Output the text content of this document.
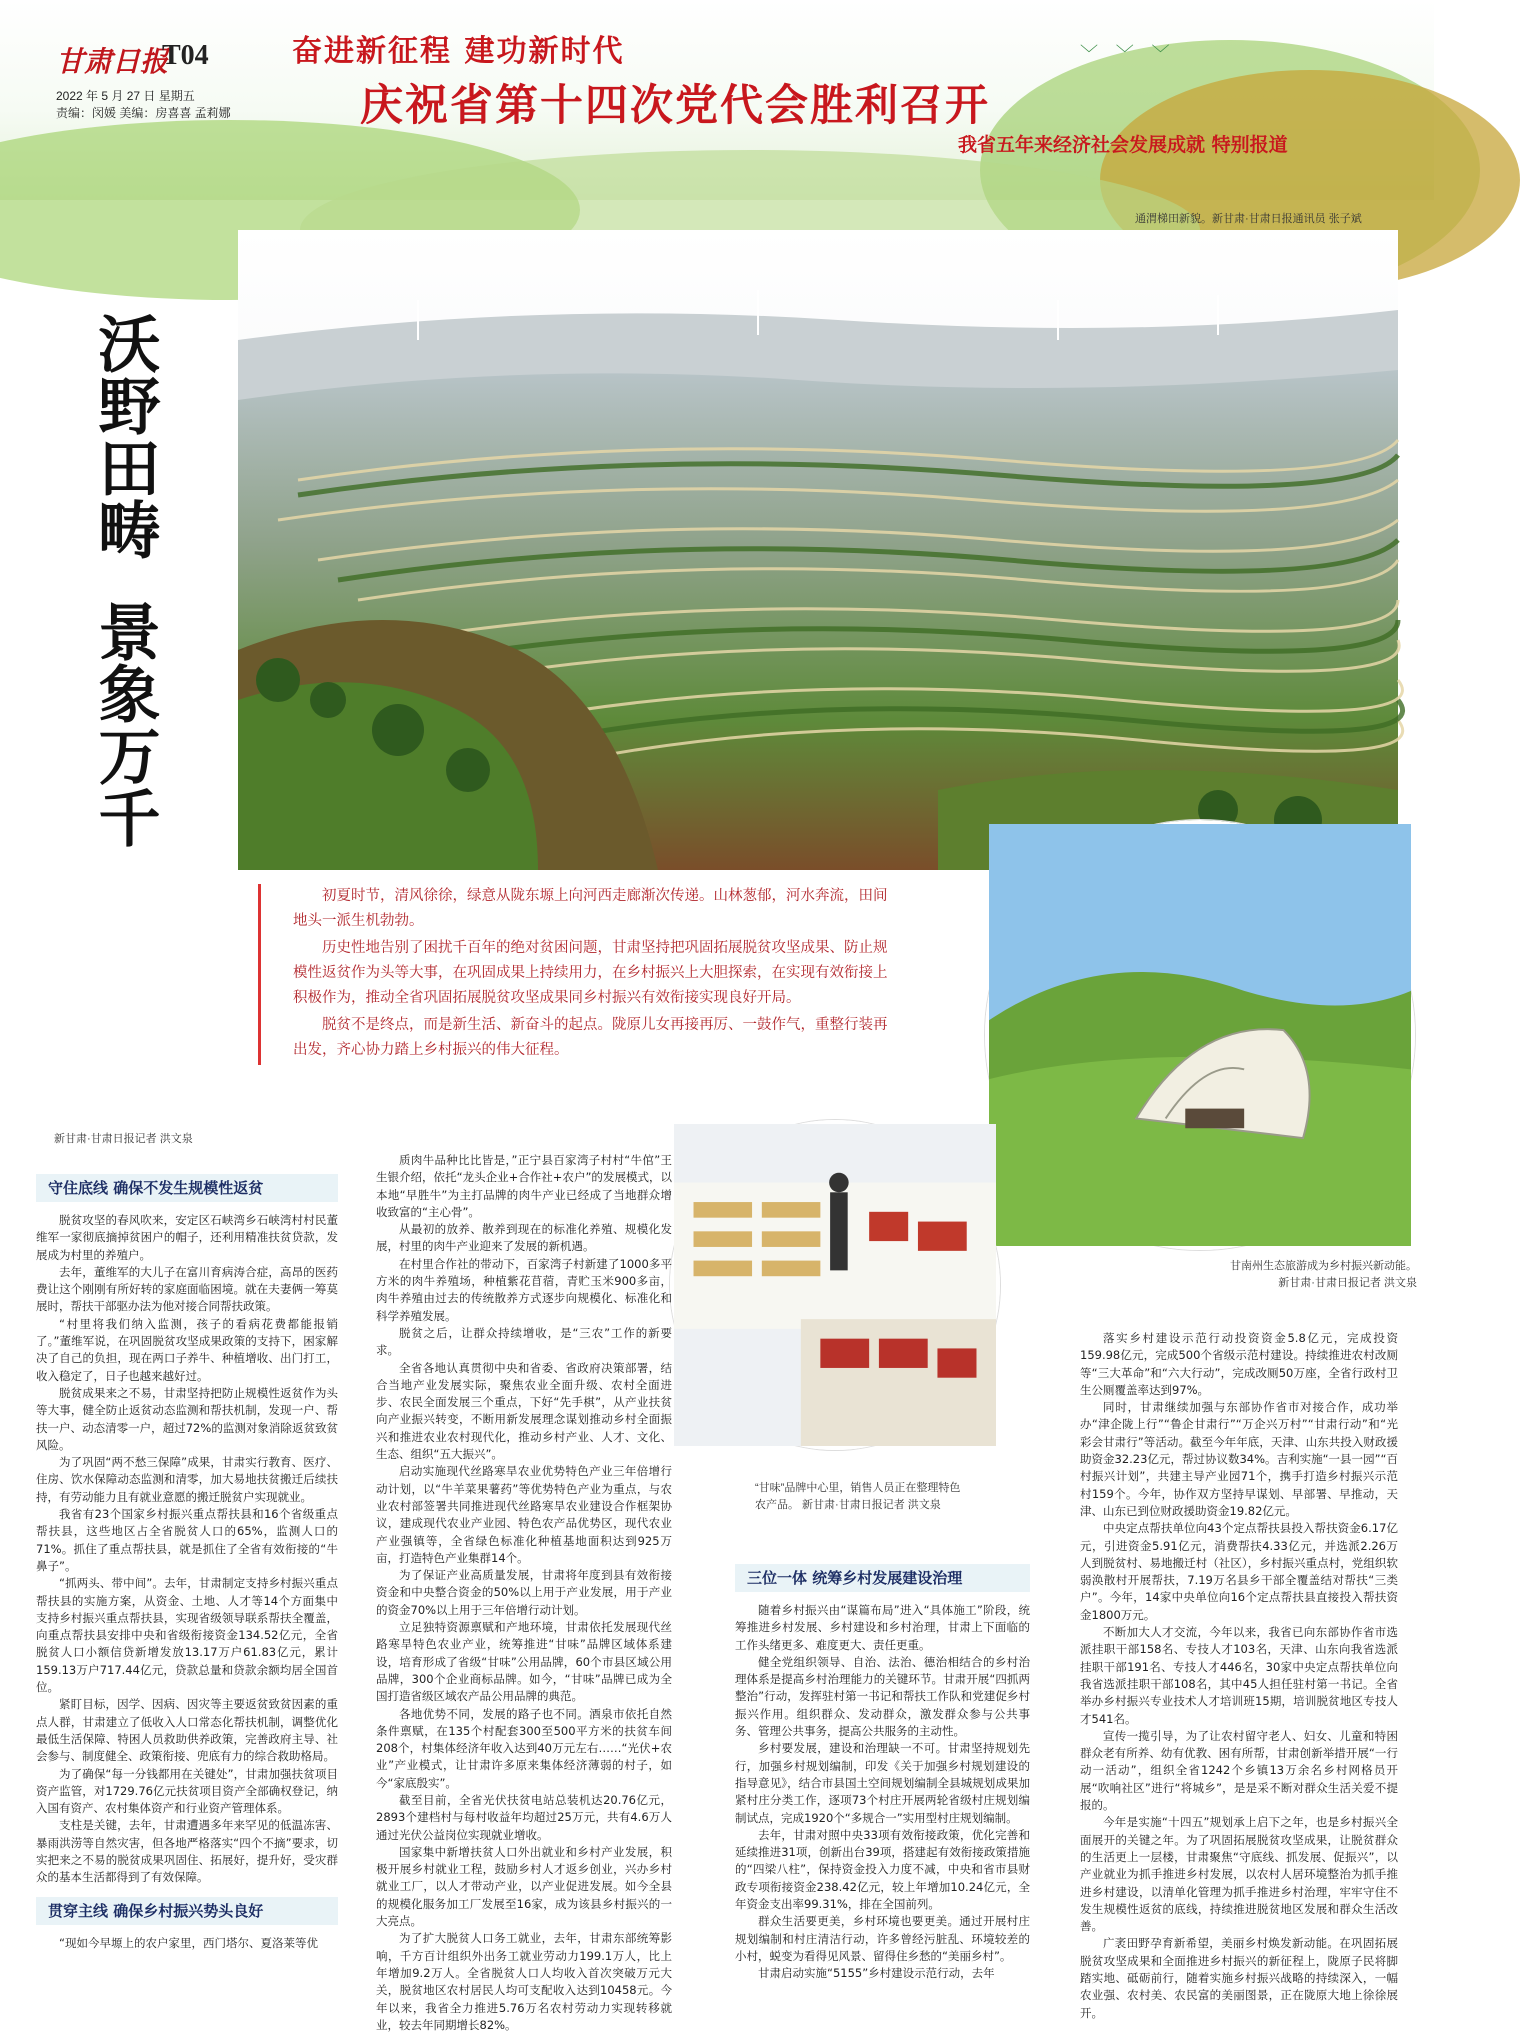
甘肃日报
T04
2022 年 5 月 27 日 星期五
责编：闵媛 美编：房喜喜 孟莉娜
奋进新征程 建功新时代
庆祝省第十四次党代会胜利召开
我省五年来经济社会发展成就 特别报道
﹀ ﹀ ﹀
通渭梯田新貌。新甘肃·甘肃日报通讯员 张子斌
沃野田畴
景象万千

初夏时节，清风徐徐，绿意从陇东塬上向河西走廊渐次传递。山林葱郁，河水奔流，田间地头一派生机勃勃。

历史性地告别了困扰千百年的绝对贫困问题，甘肃坚持把巩固拓展脱贫攻坚成果、防止规模性返贫作为头等大事，在巩固成果上持续用力，在乡村振兴上大胆探索，在实现有效衔接上积极作为，推动全省巩固拓展脱贫攻坚成果同乡村振兴有效衔接实现良好开局。

脱贫不是终点，而是新生活、新奋斗的起点。陇原儿女再接再厉、一鼓作气，重整行装再出发，齐心协力踏上乡村振兴的伟大征程。

甘南州生态旅游成为乡村振兴新动能。
新甘肃·甘肃日报记者 洪文泉
“甘味”品牌中心里，销售人员正在整理特色
农产品。 新甘肃·甘肃日报记者 洪文泉
新甘肃·甘肃日报记者 洪文泉
守住底线 确保不发生规模性返贫

脱贫攻坚的春风吹来，安定区石峡湾乡石峡湾村村民董维军一家彻底摘掉贫困户的帽子，还利用精准扶贫贷款，发展成为村里的养殖户。

去年，董维军的大儿子在富川育病涛合症，高昂的医药费让这个刚刚有所好转的家庭面临困境。就在夫妻俩一筹莫展时，帮扶干部驱办法为他对接合同帮扶政策。

“村里将我们纳入监测，孩子的看病花费都能报销了。”董维军说，在巩固脱贫攻坚成果政策的支持下，困家解决了自己的负担，现在两口子养牛、种植增收、出门打工，收入稳定了，日子也越来越好过。

脱贫成果来之不易，甘肃坚持把防止规模性返贫作为头等大事，健全防止返贫动态监测和帮扶机制，发现一户、帮扶一户、动态清零一户，超过72%的监测对象消除返贫致贫风险。

为了巩固“两不愁三保障”成果，甘肃实行教育、医疗、住房、饮水保障动态监测和清零，加大易地扶贫搬迁后续扶持，有劳动能力且有就业意愿的搬迁脱贫户实现就业。

我省有23个国家乡村振兴重点帮扶县和16个省级重点帮扶县，这些地区占全省脱贫人口的65%，监测人口的71%。抓住了重点帮扶县，就是抓住了全省有效衔接的“牛鼻子”。

“抓两头、带中间”。去年，甘肃制定支持乡村振兴重点帮扶县的实施方案，从资金、土地、人才等14个方面集中支持乡村振兴重点帮扶县，实现省级领导联系帮扶全覆盖，向重点帮扶县安排中央和省级衔接资金134.52亿元，全省脱贫人口小额信贷新增发放13.17万户61.83亿元，累计159.13万户717.44亿元，贷款总量和贷款余额均居全国首位。

紧盯目标，因学、因病、因灾等主要返贫致贫因素的重点人群，甘肃建立了低收入人口常态化帮扶机制，调整优化最低生活保障、特困人员救助供养政策，完善政府主导、社会参与、制度健全、政策衔接、兜底有力的综合救助格局。

为了确保“每一分钱都用在关键处”，甘肃加强扶贫项目资产监管，对1729.76亿元扶贫项目资产全部确权登记，纳入国有资产、农村集体资产和行业资产管理体系。

支柱是关键，去年，甘肃遭遇多年来罕见的低温冻害、暴雨洪涝等自然灾害，但各地严格落实“四个不摘”要求，切实把来之不易的脱贫成果巩固住、拓展好，提升好，受灾群众的基本生活都得到了有效保障。

贯穿主线 确保乡村振兴势头良好

“现如今早塬上的农户家里，西门塔尔、夏洛莱等优

质肉牛品种比比皆是，”正宁县百家湾子村村“牛倌”王生银介绍，依托“龙头企业+合作社+农户”的发展模式，以本地“早胜牛”为主打品牌的肉牛产业已经成了当地群众增收致富的“主心骨”。

从最初的放养、散养到现在的标准化养殖、规模化发展，村里的肉牛产业迎来了发展的新机遇。

在村里合作社的带动下，百家湾子村新建了1000多平方米的肉牛养殖场，种植紫花苜蓿，青贮玉米900多亩，肉牛养殖由过去的传统散养方式逐步向规模化、标准化和科学养殖发展。

脱贫之后，让群众持续增收，是“三农”工作的新要求。

全省各地认真贯彻中央和省委、省政府决策部署，结合当地产业发展实际，聚焦农业全面升级、农村全面进步、农民全面发展三个重点，下好“先手棋”，从产业扶贫向产业振兴转变，不断用新发展理念谋划推动乡村全面振兴和推进农业农村现代化，推动乡村产业、人才、文化、生态、组织“五大振兴”。

启动实施现代丝路寒旱农业优势特色产业三年倍增行动计划，以“牛羊菜果薯药”等优势特色产业为重点，与农业农村部签署共同推进现代丝路寒旱农业建设合作框架协议，建成现代农业产业园、特色农产品优势区，现代农业产业强镇等，全省绿色标准化种植基地面积达到925万亩，打造特色产业集群14个。

为了保证产业高质量发展，甘肃将年度到县有效衔接资金和中央整合资金的50%以上用于产业发展，用于产业的资金70%以上用于三年倍增行动计划。

立足独特资源禀赋和产地环境，甘肃依托发展现代丝路寒旱特色农业产业，统筹推进“甘味”品牌区域体系建设，培育形成了省级“甘味”公用品牌，60个市县区域公用品牌，300个企业商标品牌。如今，“甘味”品牌已成为全国打造省级区域农产品公用品牌的典范。

各地优势不同，发展的路子也不同。酒泉市依托自然条件禀赋，在135个村配套300至500平方米的扶贫车间208个，村集体经济年收入达到40万元左右……“光伏+农业”产业模式，让甘肃许多原来集体经济薄弱的村子，如今“家底殷实”。

截至目前，全省光伏扶贫电站总装机达20.76亿元，2893个建档村与每村收益年均超过25万元，共有4.6万人通过光伏公益岗位实现就业增收。

国家集中新增扶贫人口外出就业和乡村产业发展，积极开展乡村就业工程，鼓励乡村人才返乡创业，兴办乡村就业工厂，以人才带动产业，以产业促进发展。如今全县的规模化服务加工厂发展至16家，成为该县乡村振兴的一大亮点。

为了扩大脱贫人口务工就业，去年，甘肃东部统筹影响，千方百计组织外出务工就业劳动力199.1万人，比上年增加9.2万人。全省脱贫人口人均收入首次突破万元大关，脱贫地区农村居民人均可支配收入达到10458元。今年以来，我省全力推进5.76万名农村劳动力实现转移就业，较去年同期增长82%。

三位一体 统筹乡村发展建设治理

随着乡村振兴由“谋篇布局”进入“具体施工”阶段，统筹推进乡村发展、乡村建设和乡村治理，甘肃上下面临的工作头绪更多、难度更大、责任更重。

健全党组织领导、自治、法治、德治相结合的乡村治理体系是提高乡村治理能力的关键环节。甘肃开展“四抓两整治”行动，发挥驻村第一书记和帮扶工作队和党建促乡村振兴作用。组织群众、发动群众，激发群众参与公共事务、管理公共事务，提高公共服务的主动性。

乡村要发展，建设和治理缺一不可。甘肃坚持规划先行，加强乡村规划编制，印发《关于加强乡村规划建设的指导意见》，结合市县国土空间规划编制全县城规划成果加紧村庄分类工作，逐项73个村庄开展两轮省级村庄规划编制试点，完成1920个“多规合一”实用型村庄规划编制。

去年，甘肃对照中央33项有效衔接政策，优化完善和延续推进31项，创新出台39项，搭建起有效衔接政策措施的“四梁八柱”，保持资金投入力度不减，中央和省市县财政专项衔接资金238.42亿元，较上年增加10.24亿元，全年资金支出率99.31%，排在全国前列。

群众生活要更美，乡村环境也要更美。通过开展村庄规划编制和村庄清洁行动，许多曾经污脏乱、环境较差的小村，蜕变为看得见风景、留得住乡愁的“美丽乡村”。

甘肃启动实施“5155”乡村建设示范行动，去年

落实乡村建设示范行动投资资金5.8亿元，完成投资159.98亿元，完成500个省级示范村建设。持续推进农村改厕等“三大革命”和“六大行动”，完成改厕50万座，全省行政村卫生公厕覆盖率达到97%。

同时，甘肃继续加强与东部协作省市对接合作，成功举办“津企陇上行”“鲁企甘肃行”“万企兴万村”“甘肃行动”和“光彩会甘肃行”等活动。截至今年年底，天津、山东共投入财政援助资金32.23亿元，帮过协议数34%。吉利实施“一县一园”“百村振兴计划”，共建主导产业园71个，携手打造乡村振兴示范村159个。今年，协作双方坚持早谋划、早部署、早推动，天津、山东已到位财政援助资金19.82亿元。

中央定点帮扶单位向43个定点帮扶县投入帮扶资金6.17亿元，引进资金5.91亿元，消费帮扶4.33亿元，并选派2.26万人到脱贫村、易地搬迁村（社区），乡村振兴重点村，党组织软弱涣散村开展帮扶，7.19万名县乡干部全覆盖结对帮扶“三类户”。今年，14家中央单位向16个定点帮扶县直接投入帮扶资金1800万元。

不断加大人才交流，今年以来，我省已向东部协作省市选派挂职干部158名、专技人才103名，天津、山东向我省选派挂职干部191名、专技人才446名，30家中央定点帮扶单位向我省选派挂职干部108名，其中45人担任驻村第一书记。全省举办乡村振兴专业技术人才培训班15期，培训脱贫地区专技人才541名。

宣传一揽引导，为了让农村留守老人、妇女、儿童和特困群众老有所养、幼有优教、困有所帮，甘肃创新举措开展“一行动一活动”，组织全省1242个乡镇13万余名乡村网格员开展“吹响社区”进行“将城乡”，是是采不断对群众生活关爱不提报的。

今年是实施“十四五”规划承上启下之年，也是乡村振兴全面展开的关键之年。为了巩固拓展脱贫攻坚成果，让脱贫群众的生活更上一层楼，甘肃聚焦“守底线、抓发展、促振兴”，以产业就业为抓手推进乡村发展，以农村人居环境整治为抓手推进乡村建设，以清单化管理为抓手推进乡村治理，牢牢守住不发生规模性返贫的底线，持续推进脱贫地区发展和群众生活改善。

广袤田野孕育新希望，美丽乡村焕发新动能。在巩固拓展脱贫攻坚成果和全面推进乡村振兴的新征程上，陇原子民将脚踏实地、砥砺前行，随着实施乡村振兴战略的持续深入，一幅农业强、农村美、农民富的美丽图景，正在陇原大地上徐徐展开。
